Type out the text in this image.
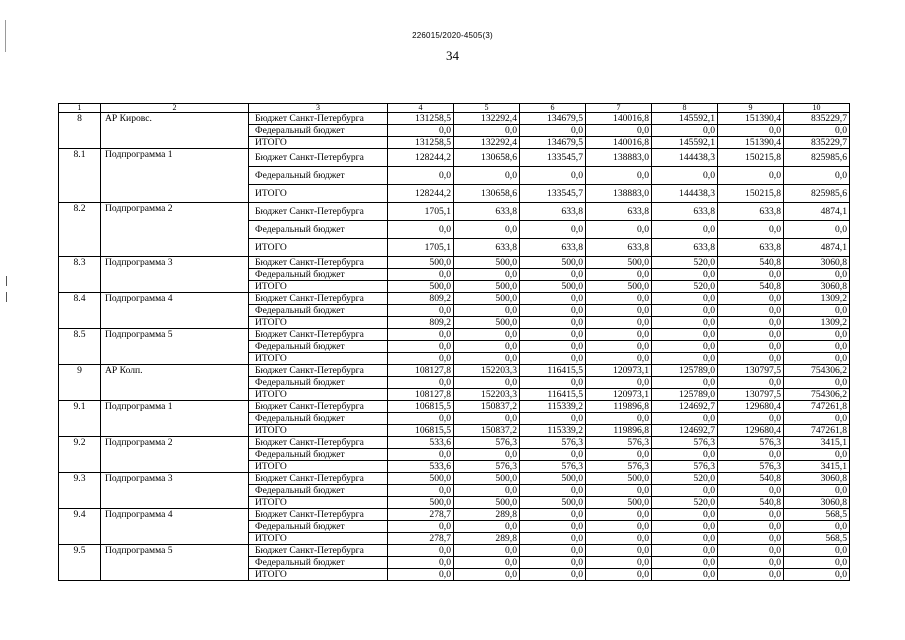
226015/2020-4505(3)
34
1	2	3	4	5	6	7	8	9	10
8	АР Кировс.	Бюджет Санкт-Петербурга	131258,5	132292,4	134679,5	140016,8	145592,1	151390,4	835229,7
		Федеральный бюджет	0,0	0,0	0,0	0,0	0,0	0,0	0,0
		ИТОГО	131258,5	132292,4	134679,5	140016,8	145592,1	151390,4	835229,7
8.1	Подпрограмма 1	Бюджет Санкт-Петербурга	128244,2	130658,6	133545,7	138883,0	144438,3	150215,8	825985,6
		Федеральный бюджет	0,0	0,0	0,0	0,0	0,0	0,0	0,0
		ИТОГО	128244,2	130658,6	133545,7	138883,0	144438,3	150215,8	825985,6
8.2	Подпрограмма 2	Бюджет Санкт-Петербурга	1705,1	633,8	633,8	633,8	633,8	633,8	4874,1
		Федеральный бюджет	0,0	0,0	0,0	0,0	0,0	0,0	0,0
		ИТОГО	1705,1	633,8	633,8	633,8	633,8	633,8	4874,1
8.3	Подпрограмма 3	Бюджет Санкт-Петербурга	500,0	500,0	500,0	500,0	520,0	540,8	3060,8
		Федеральный бюджет	0,0	0,0	0,0	0,0	0,0	0,0	0,0
		ИТОГО	500,0	500,0	500,0	500,0	520,0	540,8	3060,8
8.4	Подпрограмма 4	Бюджет Санкт-Петербурга	809,2	500,0	0,0	0,0	0,0	0,0	1309,2
		Федеральный бюджет	0,0	0,0	0,0	0,0	0,0	0,0	0,0
		ИТОГО	809,2	500,0	0,0	0,0	0,0	0,0	1309,2
8.5	Подпрограмма 5	Бюджет Санкт-Петербурга	0,0	0,0	0,0	0,0	0,0	0,0	0,0
		Федеральный бюджет	0,0	0,0	0,0	0,0	0,0	0,0	0,0
		ИТОГО	0,0	0,0	0,0	0,0	0,0	0,0	0,0
9	АР Колп.	Бюджет Санкт-Петербурга	108127,8	152203,3	116415,5	120973,1	125789,0	130797,5	754306,2
		Федеральный бюджет	0,0	0,0	0,0	0,0	0,0	0,0	0,0
		ИТОГО	108127,8	152203,3	116415,5	120973,1	125789,0	130797,5	754306,2
9.1	Подпрограмма 1	Бюджет Санкт-Петербурга	106815,5	150837,2	115339,2	119896,8	124692,7	129680,4	747261,8
		Федеральный бюджет	0,0	0,0	0,0	0,0	0,0	0,0	0,0
		ИТОГО	106815,5	150837,2	115339,2	119896,8	124692,7	129680,4	747261,8
9.2	Подпрограмма 2	Бюджет Санкт-Петербурга	533,6	576,3	576,3	576,3	576,3	576,3	3415,1
		Федеральный бюджет	0,0	0,0	0,0	0,0	0,0	0,0	0,0
		ИТОГО	533,6	576,3	576,3	576,3	576,3	576,3	3415,1
9.3	Подпрограмма 3	Бюджет Санкт-Петербурга	500,0	500,0	500,0	500,0	520,0	540,8	3060,8
		Федеральный бюджет	0,0	0,0	0,0	0,0	0,0	0,0	0,0
		ИТОГО	500,0	500,0	500,0	500,0	520,0	540,8	3060,8
9.4	Подпрограмма 4	Бюджет Санкт-Петербурга	278,7	289,8	0,0	0,0	0,0	0,0	568,5
		Федеральный бюджет	0,0	0,0	0,0	0,0	0,0	0,0	0,0
		ИТОГО	278,7	289,8	0,0	0,0	0,0	0,0	568,5
9.5	Подпрограмма 5	Бюджет Санкт-Петербурга	0,0	0,0	0,0	0,0	0,0	0,0	0,0
		Федеральный бюджет	0,0	0,0	0,0	0,0	0,0	0,0	0,0
		ИТОГО	0,0	0,0	0,0	0,0	0,0	0,0	0,0
